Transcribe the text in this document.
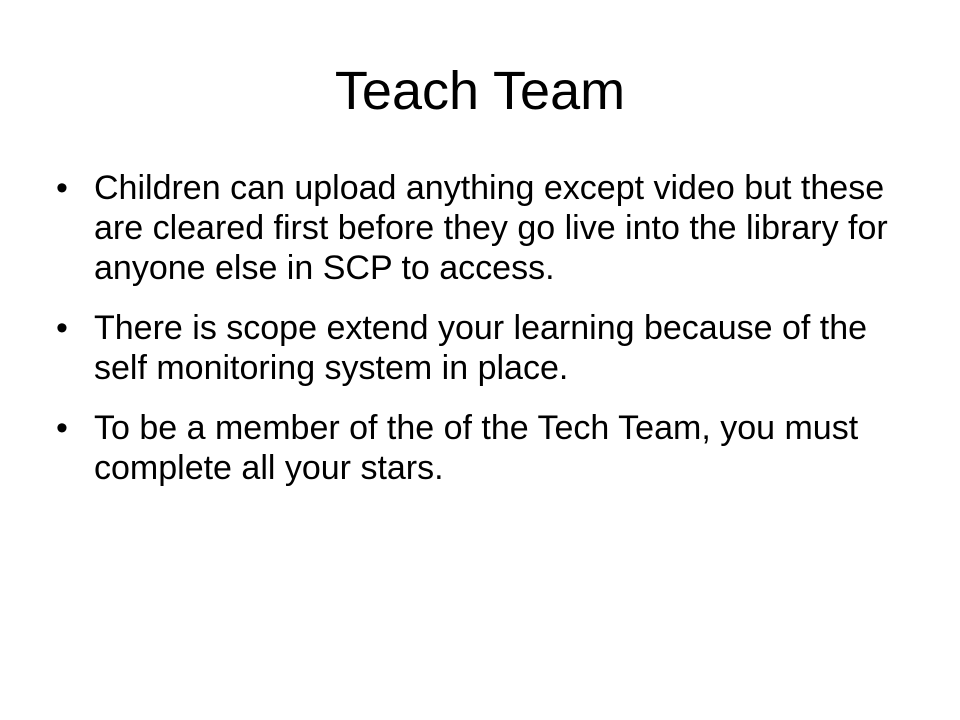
Teach Team
• Children can upload anything except video but these are cleared first before they go live into the library for anyone else in SCP to access.
• There is scope extend your learning because of the self monitoring system in place.
• To be a member of the of the Tech Team, you must complete all your stars.
